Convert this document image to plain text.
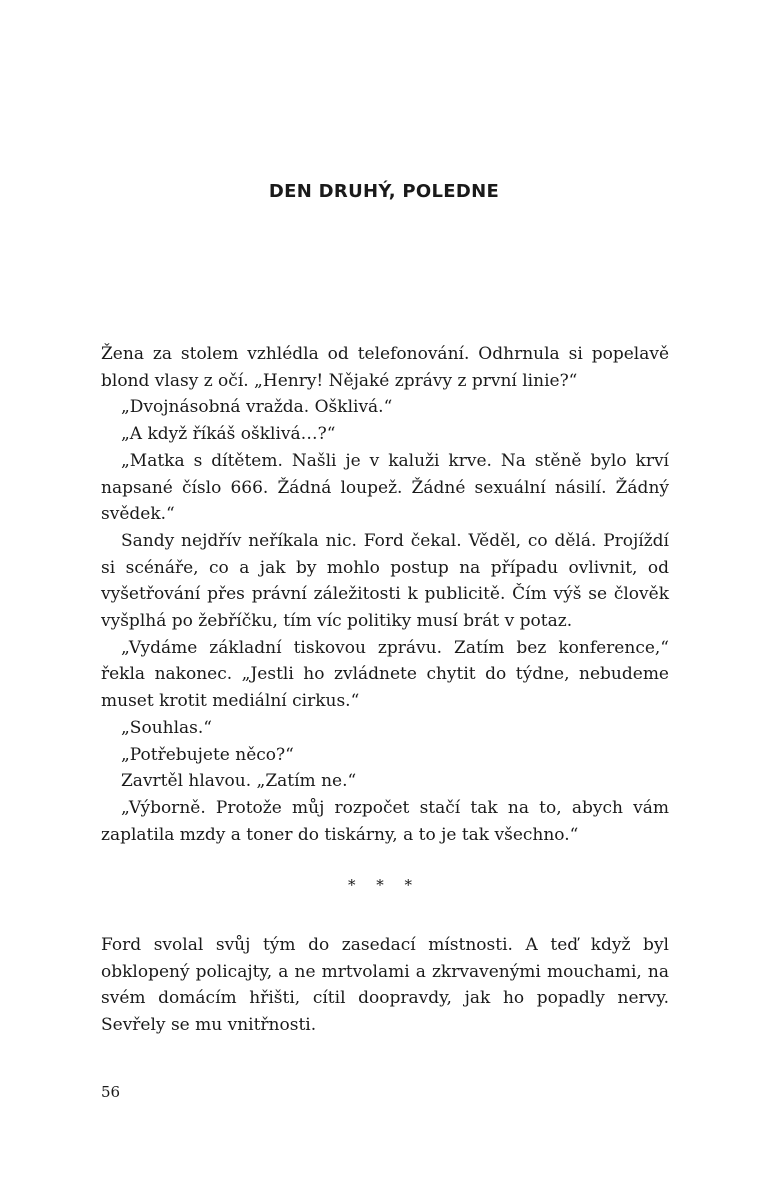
DEN DRUHÝ, POLEDNE

Žena za stolem vzhlédla od telefonování. Odhrnula si popelavě blond vlasy z očí. „Henry! Nějaké zprávy z první linie?“

„Dvojnásobná vražda. Ošklivá.“

„A když říkáš ošklivá…?“

„Matka s dítětem. Našli je v kaluži krve. Na stěně bylo krví napsané číslo 666. Žádná loupež. Žádné sexuální násilí. Žádný svědek.“

Sandy nejdřív neříkala nic. Ford čekal. Věděl, co dělá. Projíždí si scénáře, co a jak by mohlo postup na případu ovlivnit, od vyšetřování přes právní záležitosti k publicitě. Čím výš se člověk vyšplhá po žebříčku, tím víc politiky musí brát v potaz.

„Vydáme základní tiskovou zprávu. Zatím bez konference,“ řekla nakonec. „Jestli ho zvládnete chytit do týdne, nebudeme muset krotit mediální cirkus.“

„Souhlas.“

„Potřebujete něco?“

Zavrtěl hlavou. „Zatím ne.“

„Výborně. Protože můj rozpočet stačí tak na to, abych vám zaplatila mzdy a toner do tiskárny, a to je tak všechno.“

* * *

Ford svolal svůj tým do zasedací místnosti. A teď když byl obklopený policajty, a ne mrtvolami a zkrvavenými mouchami, na svém domácím hřišti, cítil doopravdy, jak ho popadly nervy. Sevřely se mu vnitřnosti.

56
